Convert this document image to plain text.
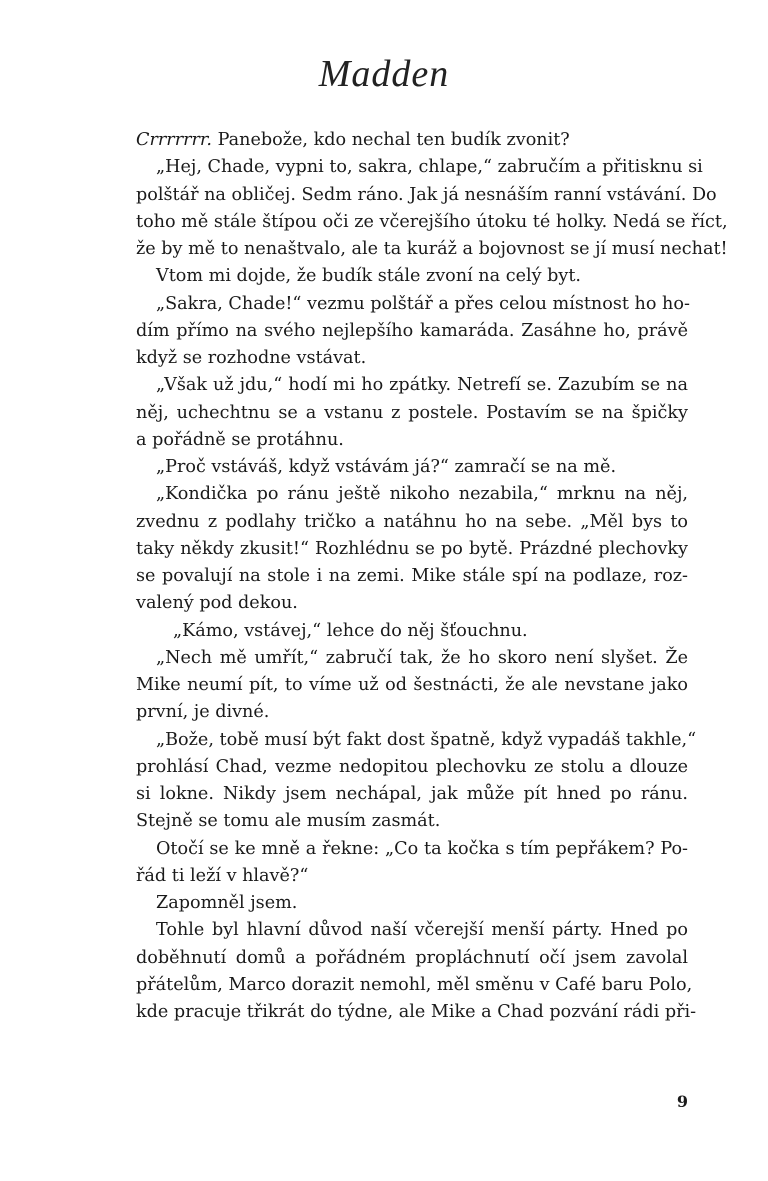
Madden
Crrrrrrr. Panebože, kdo nechal ten budík zvonit?
„Hej, Chade, vypni to, sakra, chlape,“ zabručím a přitisknu si
polštář na obličej. Sedm ráno. Jak já nesnáším ranní vstávání. Do
toho mě stále štípou oči ze včerejšího útoku té holky. Nedá se říct,
že by mě to nenaštvalo, ale ta kuráž a bojovnost se jí musí nechat!
Vtom mi dojde, že budík stále zvoní na celý byt.
„Sakra, Chade!“ vezmu polštář a přes celou místnost ho ho-
dím přímo na svého nejlepšího kamaráda. Zasáhne ho, právě
když se rozhodne vstávat.
„Však už jdu,“ hodí mi ho zpátky. Netrefí se. Zazubím se na
něj, uchechtnu se a vstanu z postele. Postavím se na špičky
a pořádně se protáhnu.
„Proč vstáváš, když vstávám já?“ zamračí se na mě.
„Kondička po ránu ještě nikoho nezabila,“ mrknu na něj,
zvednu z podlahy tričko a natáhnu ho na sebe. „Měl bys to
taky někdy zkusit!“ Rozhlédnu se po bytě. Prázdné plechovky
se povalují na stole i na zemi. Mike stále spí na podlaze, roz-
valený pod dekou.
„Kámo, vstávej,“ lehce do něj šťouchnu.
„Nech mě umřít,“ zabručí tak, že ho skoro není slyšet. Že
Mike neumí pít, to víme už od šestnácti, že ale nevstane jako
první, je divné.
„Bože, tobě musí být fakt dost špatně, když vypadáš takhle,“
prohlásí Chad, vezme nedopitou plechovku ze stolu a dlouze
si lokne. Nikdy jsem nechápal, jak může pít hned po ránu.
Stejně se tomu ale musím zasmát.
Otočí se ke mně a řekne: „Co ta kočka s tím pepřákem? Po-
řád ti leží v hlavě?“
Zapomněl jsem.
Tohle byl hlavní důvod naší včerejší menší párty. Hned po
doběhnutí domů a pořádném propláchnutí očí jsem zavolal
přátelům, Marco dorazit nemohl, měl směnu v Café baru Polo,
kde pracuje třikrát do týdne, ale Mike a Chad pozvání rádi při-
9
